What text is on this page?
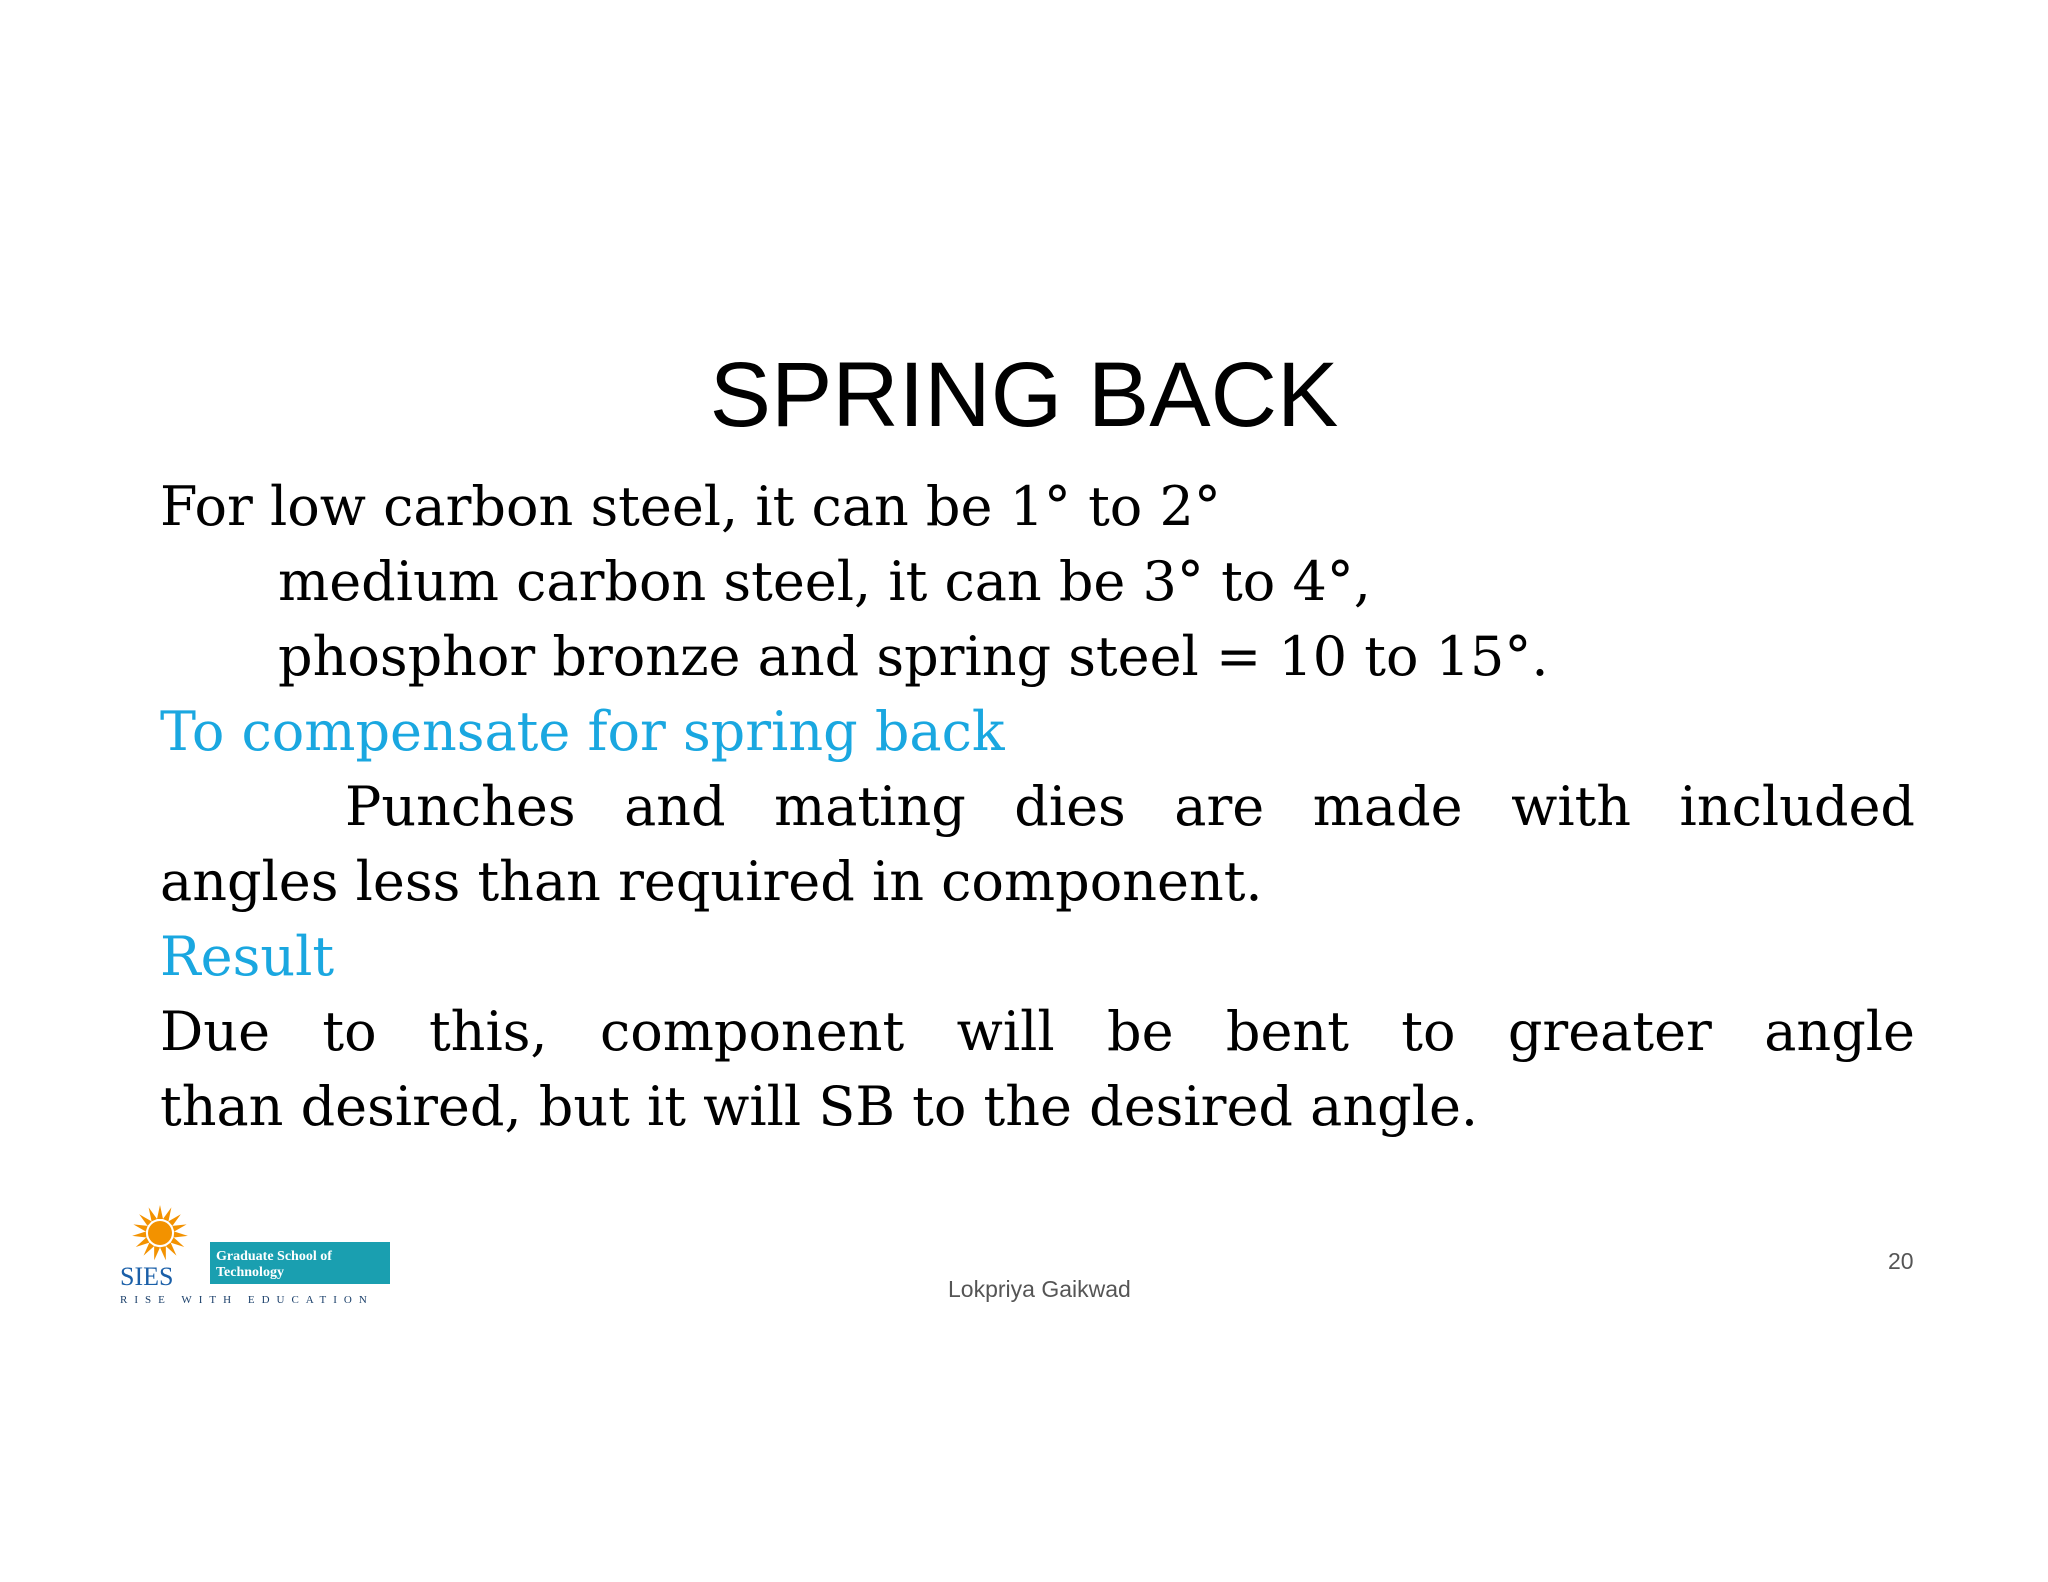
SPRING BACK
For low carbon steel, it can be 1° to 2°
medium carbon steel, it can be 3° to 4°,
phosphor bronze and spring steel = 10 to 15°.
To compensate for spring back
Punches and mating dies are made with included
angles less than required in component.
Result
Due to this, component will be bent to greater angle
than desired, but it will SB to the desired angle.
SIES
Graduate School of
Technology
RISE WITH EDUCATION	Lokpriya Gaikwad
20
